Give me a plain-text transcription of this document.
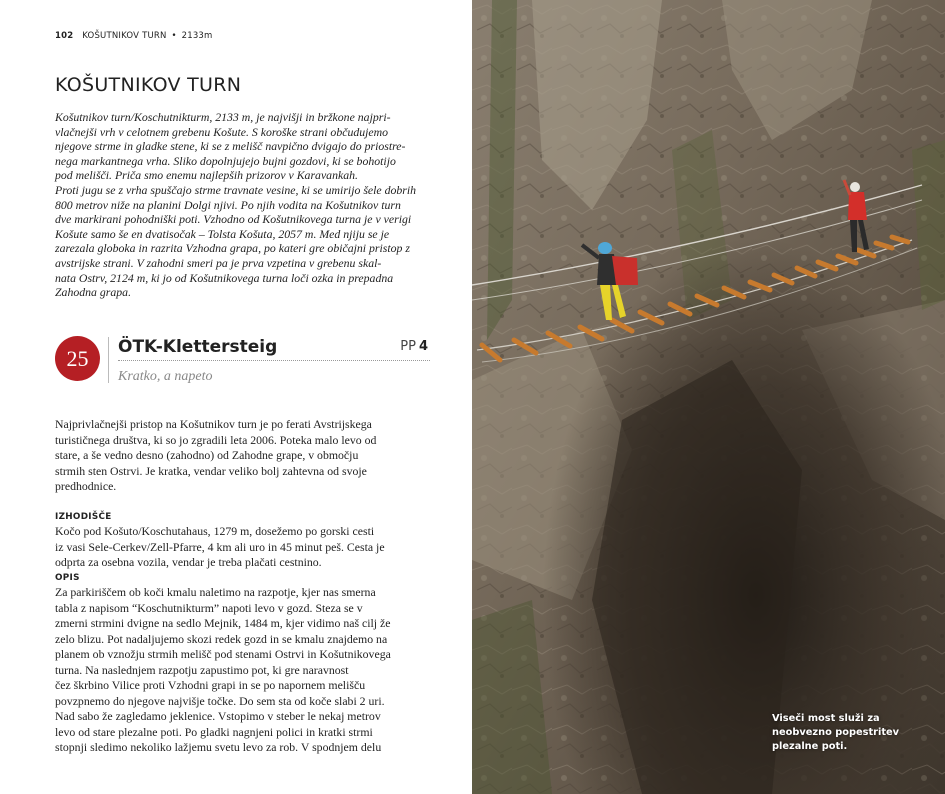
102 KOŠUTNIKOV TURN • 2133m
KOŠUTNIKOV TURN

Košutnikov turn/Koschutnikturm, 2133 m, je najvišji in bržkone najpri-

vlačnejši vrh v celotnem grebenu Košute. S koroške strani občudujemo

njegove strme in gladke stene, ki se z melišč navpično dvigajo do priostre-

nega markantnega vrha. Sliko dopolnjujejo bujni gozdovi, ki se bohotijo

pod melišči. Priča smo enemu najlepših prizorov v Karavankah.

Proti jugu se z vrha spuščajo strme travnate vesine, ki se umirijo šele dobrih

800 metrov niže na planini Dolgi njivi. Po njih vodita na Košutnikov turn

dve markirani pohodniški poti. Vzhodno od Košutnikovega turna je v verigi

Košute samo še en dvatisočak – Tolsta Košuta, 2057 m. Med njiju se je

zarezala globoka in razrita Vzhodna grapa, po kateri gre običajni pristop z

avstrijske strani. V zahodni smeri pa je prva vzpetina v grebenu skal-

nata Ostrv, 2124 m, ki jo od Košutnikovega turna loči ozka in prepadna

Zahodna grapa.

25	ÖTK-Klettersteig	PP 4
Kratko, a napeto

Najprivlačnejši pristop na Košutnikov turn je po ferati Avstrijskega

turističnega društva, ki so jo zgradili leta 2006. Poteka malo levo od

stare, a še vedno desno (zahodno) od Zahodne grape, v območju

strmih sten Ostrvi. Je kratka, vendar veliko bolj zahtevna od svoje

predhodnice.

IZHODIŠČE

Kočo pod Košuto/Koschutahaus, 1279 m, dosežemo po gorski cesti

iz vasi Sele-Cerkev/Zell-Pfarre, 4 km ali uro in 45 minut peš. Cesta je

odprta za osebna vozila, vendar je treba plačati cestnino.

OPIS

Za parkiriščem ob koči kmalu naletimo na razpotje, kjer nas smerna

tabla z napisom “Koschutnikturm” napoti levo v gozd. Steza se v

zmerni strmini dvigne na sedlo Mejnik, 1484 m, kjer vidimo naš cilj že

zelo blizu. Pot nadaljujemo skozi redek gozd in se kmalu znajdemo na

planem ob vznožju strmih melišč pod stenami Ostrvi in Košutnikovega

turna. Na naslednjem razpotju zapustimo pot, ki gre naravnost

čez škrbino Vilice proti Vzhodni grapi in se po napornem melišču

povzpnemo do njegove najvišje točke. Do sem sta od koče slabi 2 uri.

Nad sabo že zagledamo jeklenice. Vstopimo v steber le nekaj metrov

levo od stare plezalne poti. Po gladki nagnjeni polici in kratki strmi

stopnji sledimo nekoliko lažjemu svetu levo za rob. V spodnjem delu

Viseči most služi za
neobvezno popestritev
plezalne poti.
